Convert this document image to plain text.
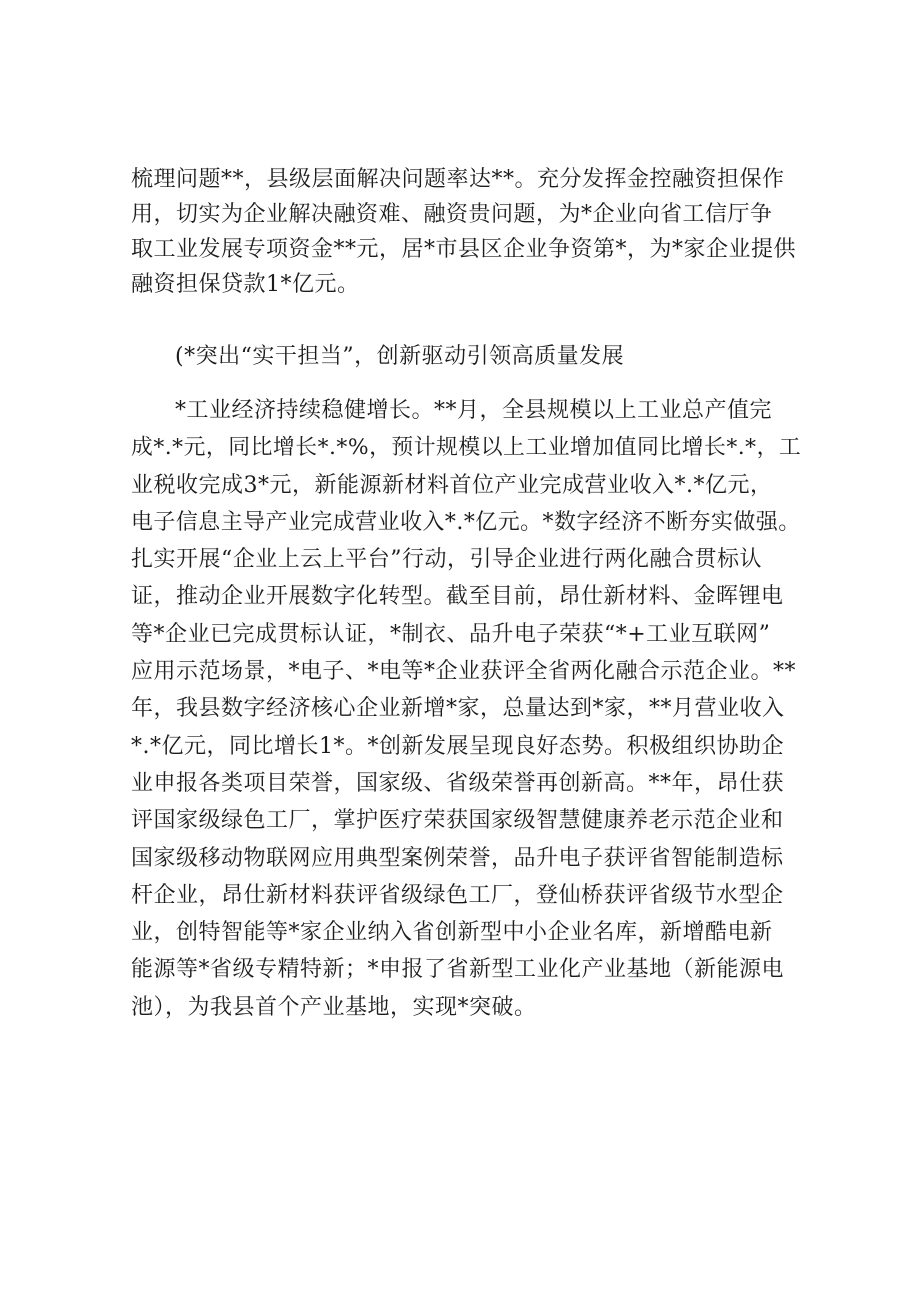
梳理问题**，县级层面解决问题率达**。充分发挥金控融资担保作
用，切实为企业解决融资难、融资贵问题，为*企业向省工信厅争
取工业发展专项资金**元，居*市县区企业争资第*，为*家企业提供
融资担保贷款1*亿元。
(*突出“实干担当”，创新驱动引领高质量发展
*工业经济持续稳健增长。**月，全县规模以上工业总产值完
成*.*元，同比增长*.*%，预计规模以上工业增加值同比增长*.*，工
业税收完成3*元，新能源新材料首位产业完成营业收入*.*亿元，
电子信息主导产业完成营业收入*.*亿元。*数字经济不断夯实做强。
扎实开展“企业上云上平台”行动，引导企业进行两化融合贯标认
证，推动企业开展数字化转型。截至目前，昂仕新材料、金晖锂电
等*企业已完成贯标认证，*制衣、品升电子荣获“*+工业互联网”
应用示范场景，*电子、*电等*企业获评全省两化融合示范企业。**
年，我县数字经济核心企业新增*家，总量达到*家，**月营业收入
*.*亿元，同比增长1*。*创新发展呈现良好态势。积极组织协助企
业申报各类项目荣誉，国家级、省级荣誉再创新高。**年，昂仕获
评国家级绿色工厂，掌护医疗荣获国家级智慧健康养老示范企业和
国家级移动物联网应用典型案例荣誉，品升电子获评省智能制造标
杆企业，昂仕新材料获评省级绿色工厂，登仙桥获评省级节水型企
业，创特智能等*家企业纳入省创新型中小企业名库，新增酷电新
能源等*省级专精特新；*申报了省新型工业化产业基地（新能源电
池），为我县首个产业基地，实现*突破。
